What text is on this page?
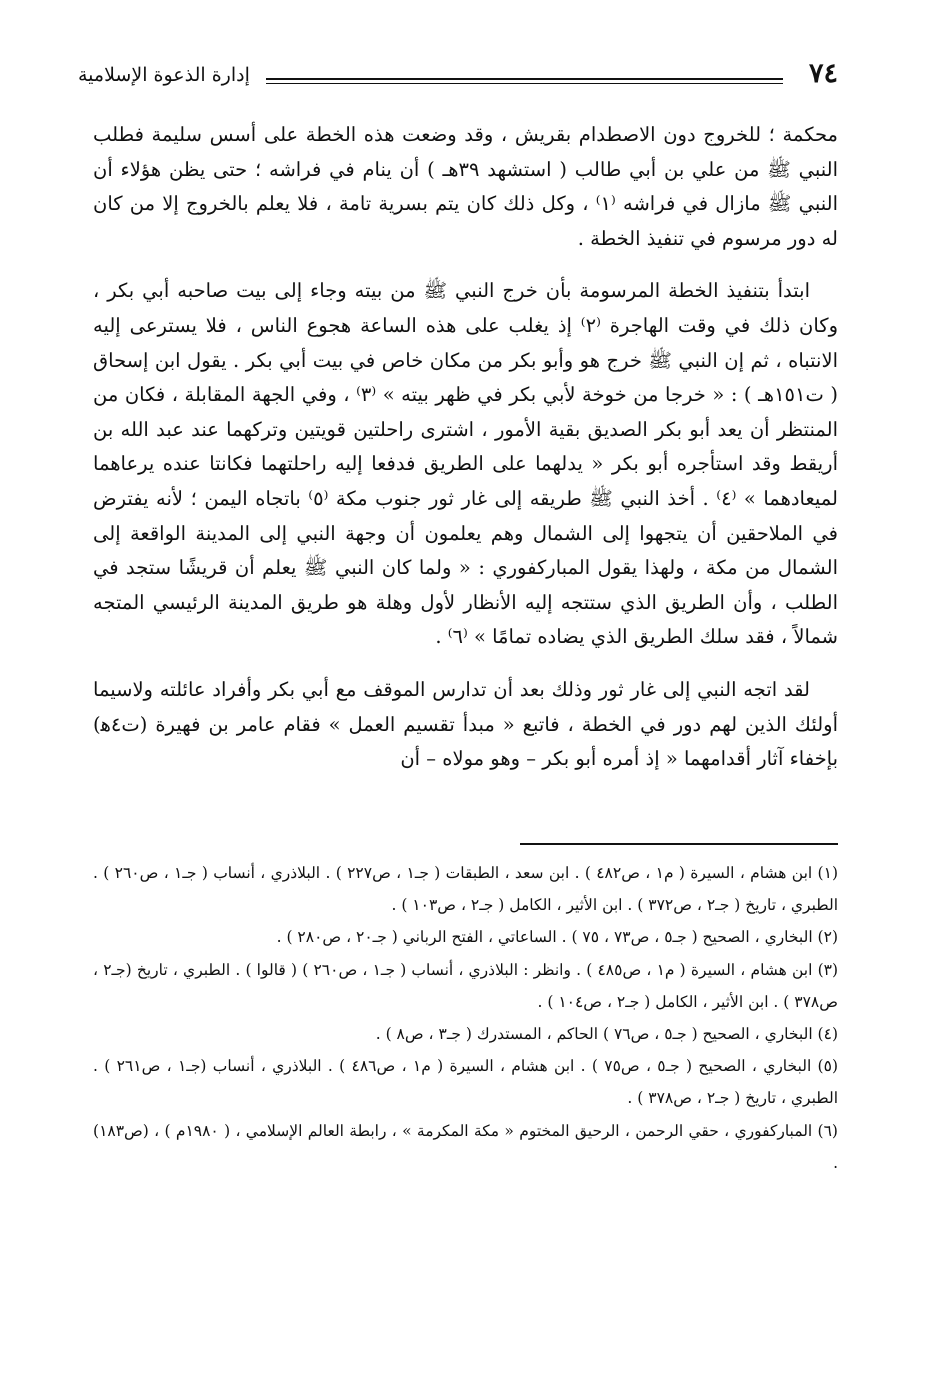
٧٤
إدارة الذعوة الإسلامية

محكمة ؛ للخروج دون الاصطدام بقريش ، وقد وضعت هذه الخطة على أسس سليمة فطلب النبي ﷺ من علي بن أبي طالب ( استشهد ٣٩هـ ) أن ينام في فراشه ؛ حتى يظن هؤلاء أن النبي ﷺ مازال في فراشه ⁽١⁾ ، وكل ذلك كان يتم بسرية تامة ، فلا يعلم بالخروج إلا من كان له دور مرسوم في تنفيذ الخطة .

ابتدأ بتنفيذ الخطة المرسومة بأن خرج النبي ﷺ من بيته وجاء إلى بيت صاحبه أبي بكر ، وكان ذلك في وقت الهاجرة ⁽٢⁾ إذ يغلب على هذه الساعة هجوع الناس ، فلا يسترعى إليه الانتباه ، ثم إن النبي ﷺ خرج هو وأبو بكر من مكان خاص في بيت أبي بكر . يقول ابن إسحاق ( ت١٥١هـ ) : « خرجا من خوخة لأبي بكر في ظهر بيته » ⁽٣⁾ ، وفي الجهة المقابلة ، فكان من المنتظر أن يعد أبو بكر الصديق بقية الأمور ، اشترى راحلتين قويتين وتركهما عند عبد الله بن أريقط وقد استأجره أبو بكر « يدلهما على الطريق فدفعا إليه راحلتهما فكانتا عنده يرعاهما لميعادهما » ⁽٤⁾ . أخذ النبي ﷺ طريقه إلى غار ثور جنوب مكة ⁽٥⁾ باتجاه اليمن ؛ لأنه يفترض في الملاحقين أن يتجهوا إلى الشمال وهم يعلمون أن وجهة النبي إلى المدينة الواقعة إلى الشمال من مكة ، ولهذا يقول المباركفوري : « ولما كان النبي ﷺ يعلم أن قريشًا ستجد في الطلب ، وأن الطريق الذي ستتجه إليه الأنظار لأول وهلة هو طريق المدينة الرئيسي المتجه شمالاً ، فقد سلك الطريق الذي يضاده تمامًا » ⁽٦⁾ .

لقد اتجه النبي إلى غار ثور وذلك بعد أن تدارس الموقف مع أبي بكر وأفراد عائلته ولاسيما أولئك الذين لهم دور في الخطة ، فاتبع « مبدأ تقسيم العمل » فقام عامر بن فهيرة (ت٤ه‍) بإخفاء آثار أقدامهما « إذ أمره أبو بكر – وهو مولاه – أن

(١) ابن هشام ، السيرة ( م١ ، ص٤٨٢ ) . ابن سعد ، الطبقات ( جـ١ ، ص٢٢٧ ) . البلاذري ، أنساب ( جـ١ ، ص٢٦٠ ) . الطبري ، تاريخ ( جـ٢ ، ص٣٧٢ ) . ابن الأثير ، الكامل ( جـ٢ ، ص١٠٣ ) .

(٢) البخاري ، الصحيح ( جـ٥ ، ص٧٣ ، ٧٥ ) . الساعاتي ، الفتح الرباني ( جـ٢٠ ، ص٢٨٠ ) .

(٣) ابن هشام ، السيرة ( م١ ، ص٤٨٥ ) . وانظر : البلاذري ، أنساب ( جـ١ ، ص٢٦٠ ) ( قالوا ) . الطبري ، تاريخ (جـ٢ ، ص٣٧٨ ) . ابن الأثير ، الكامل ( جـ٢ ، ص١٠٤ ) .

(٤) البخاري ، الصحيح ( جـ٥ ، ص٧٦ ) الحاكم ، المستدرك ( جـ٣ ، ص٨ ) .

(٥) البخاري ، الصحيح ( جـ٥ ، ص٧٥ ) . ابن هشام ، السيرة ( م١ ، ص٤٨٦ ) . البلاذري ، أنساب (جـ١ ، ص٢٦١ ) . الطبري ، تاريخ ( جـ٢ ، ص٣٧٨ ) .

(٦) المباركفوري ، حقي الرحمن ، الرحيق المختوم « مكة المكرمة » ، رابطة العالم الإسلامي ، ( ١٩٨٠م ) ، (ص١٨٣) .
